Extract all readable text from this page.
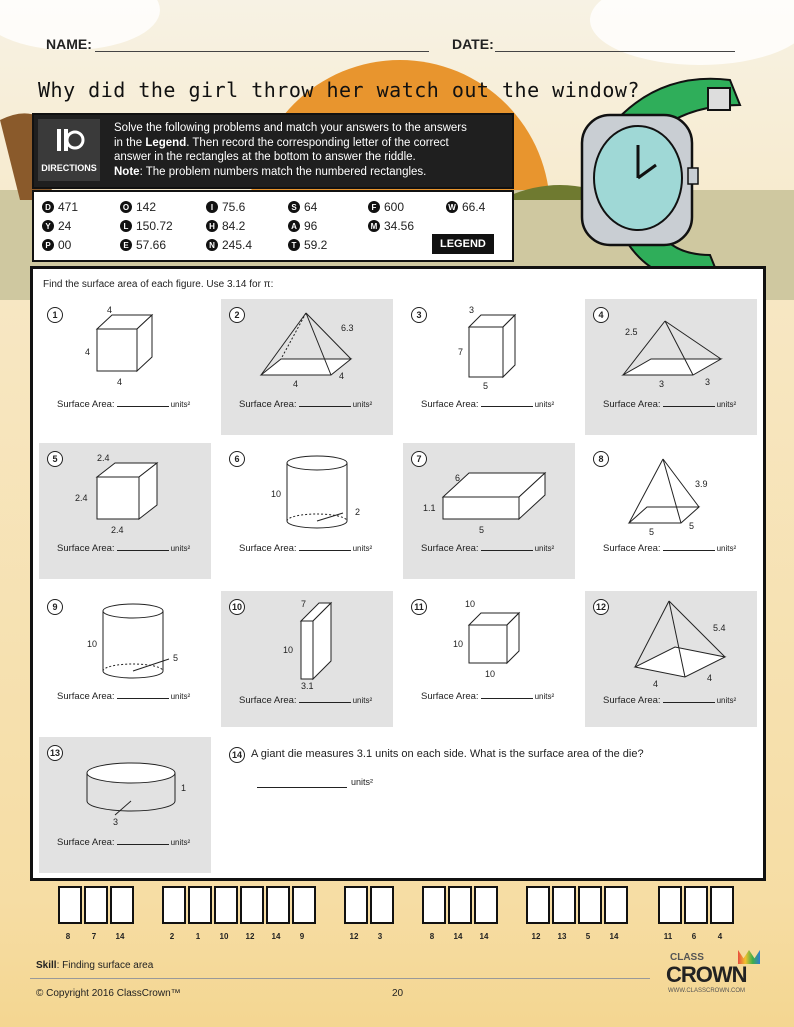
NAME:	DATE:
Why did the girl throw her watch out the window?
DIRECTIONS
Solve the following problems and match your answers to the answers
in the Legend. Then record the corresponding letter of the correct
answer in the rectangles at the bottom to answer the riddle.
Note: The problem numbers match the numbered rectangles.
D 471
Y 24
P 00
O 142
L 150.72
E 57.66
I 75.6
H 84.2
N 245.4
S 64
A 96
T 59.2
F 600
M 34.56
W 66.4
LEGEND
Find the surface area of each figure. Use 3.14 for π:
1	4
4
4
Surface Area:	units²
2
6.3
4
4
Surface Area:	units²
3	3
7
5
Surface Area:	units²
4
2.5
3	3
Surface Area:	units²
5	2.4
2.4
2.4
Surface Area:	units²
6
10
2
Surface Area:	units²
7
6
1.1
5
Surface Area:	units²
8
3.9
5
5
Surface Area:	units²
9
10
5
Surface Area:	units²
10	7
10
3.1
Surface Area:	units²
11	10
10
10
Surface Area:	units²
12
5.4
4
4
Surface Area:	units²
13
1
3
Surface Area:	units²
14 A giant die measures 3.1 units on each side. What is the surface area of the die?
units²
8	7	14	2	1	10	12	14	9	12	3	8	14	14	12	13	5	14	11	6	4
Skill: Finding surface area
© Copyright 2016 ClassCrown™	20
CLASS
CROWN
WWW.CLASSCROWN.COM
